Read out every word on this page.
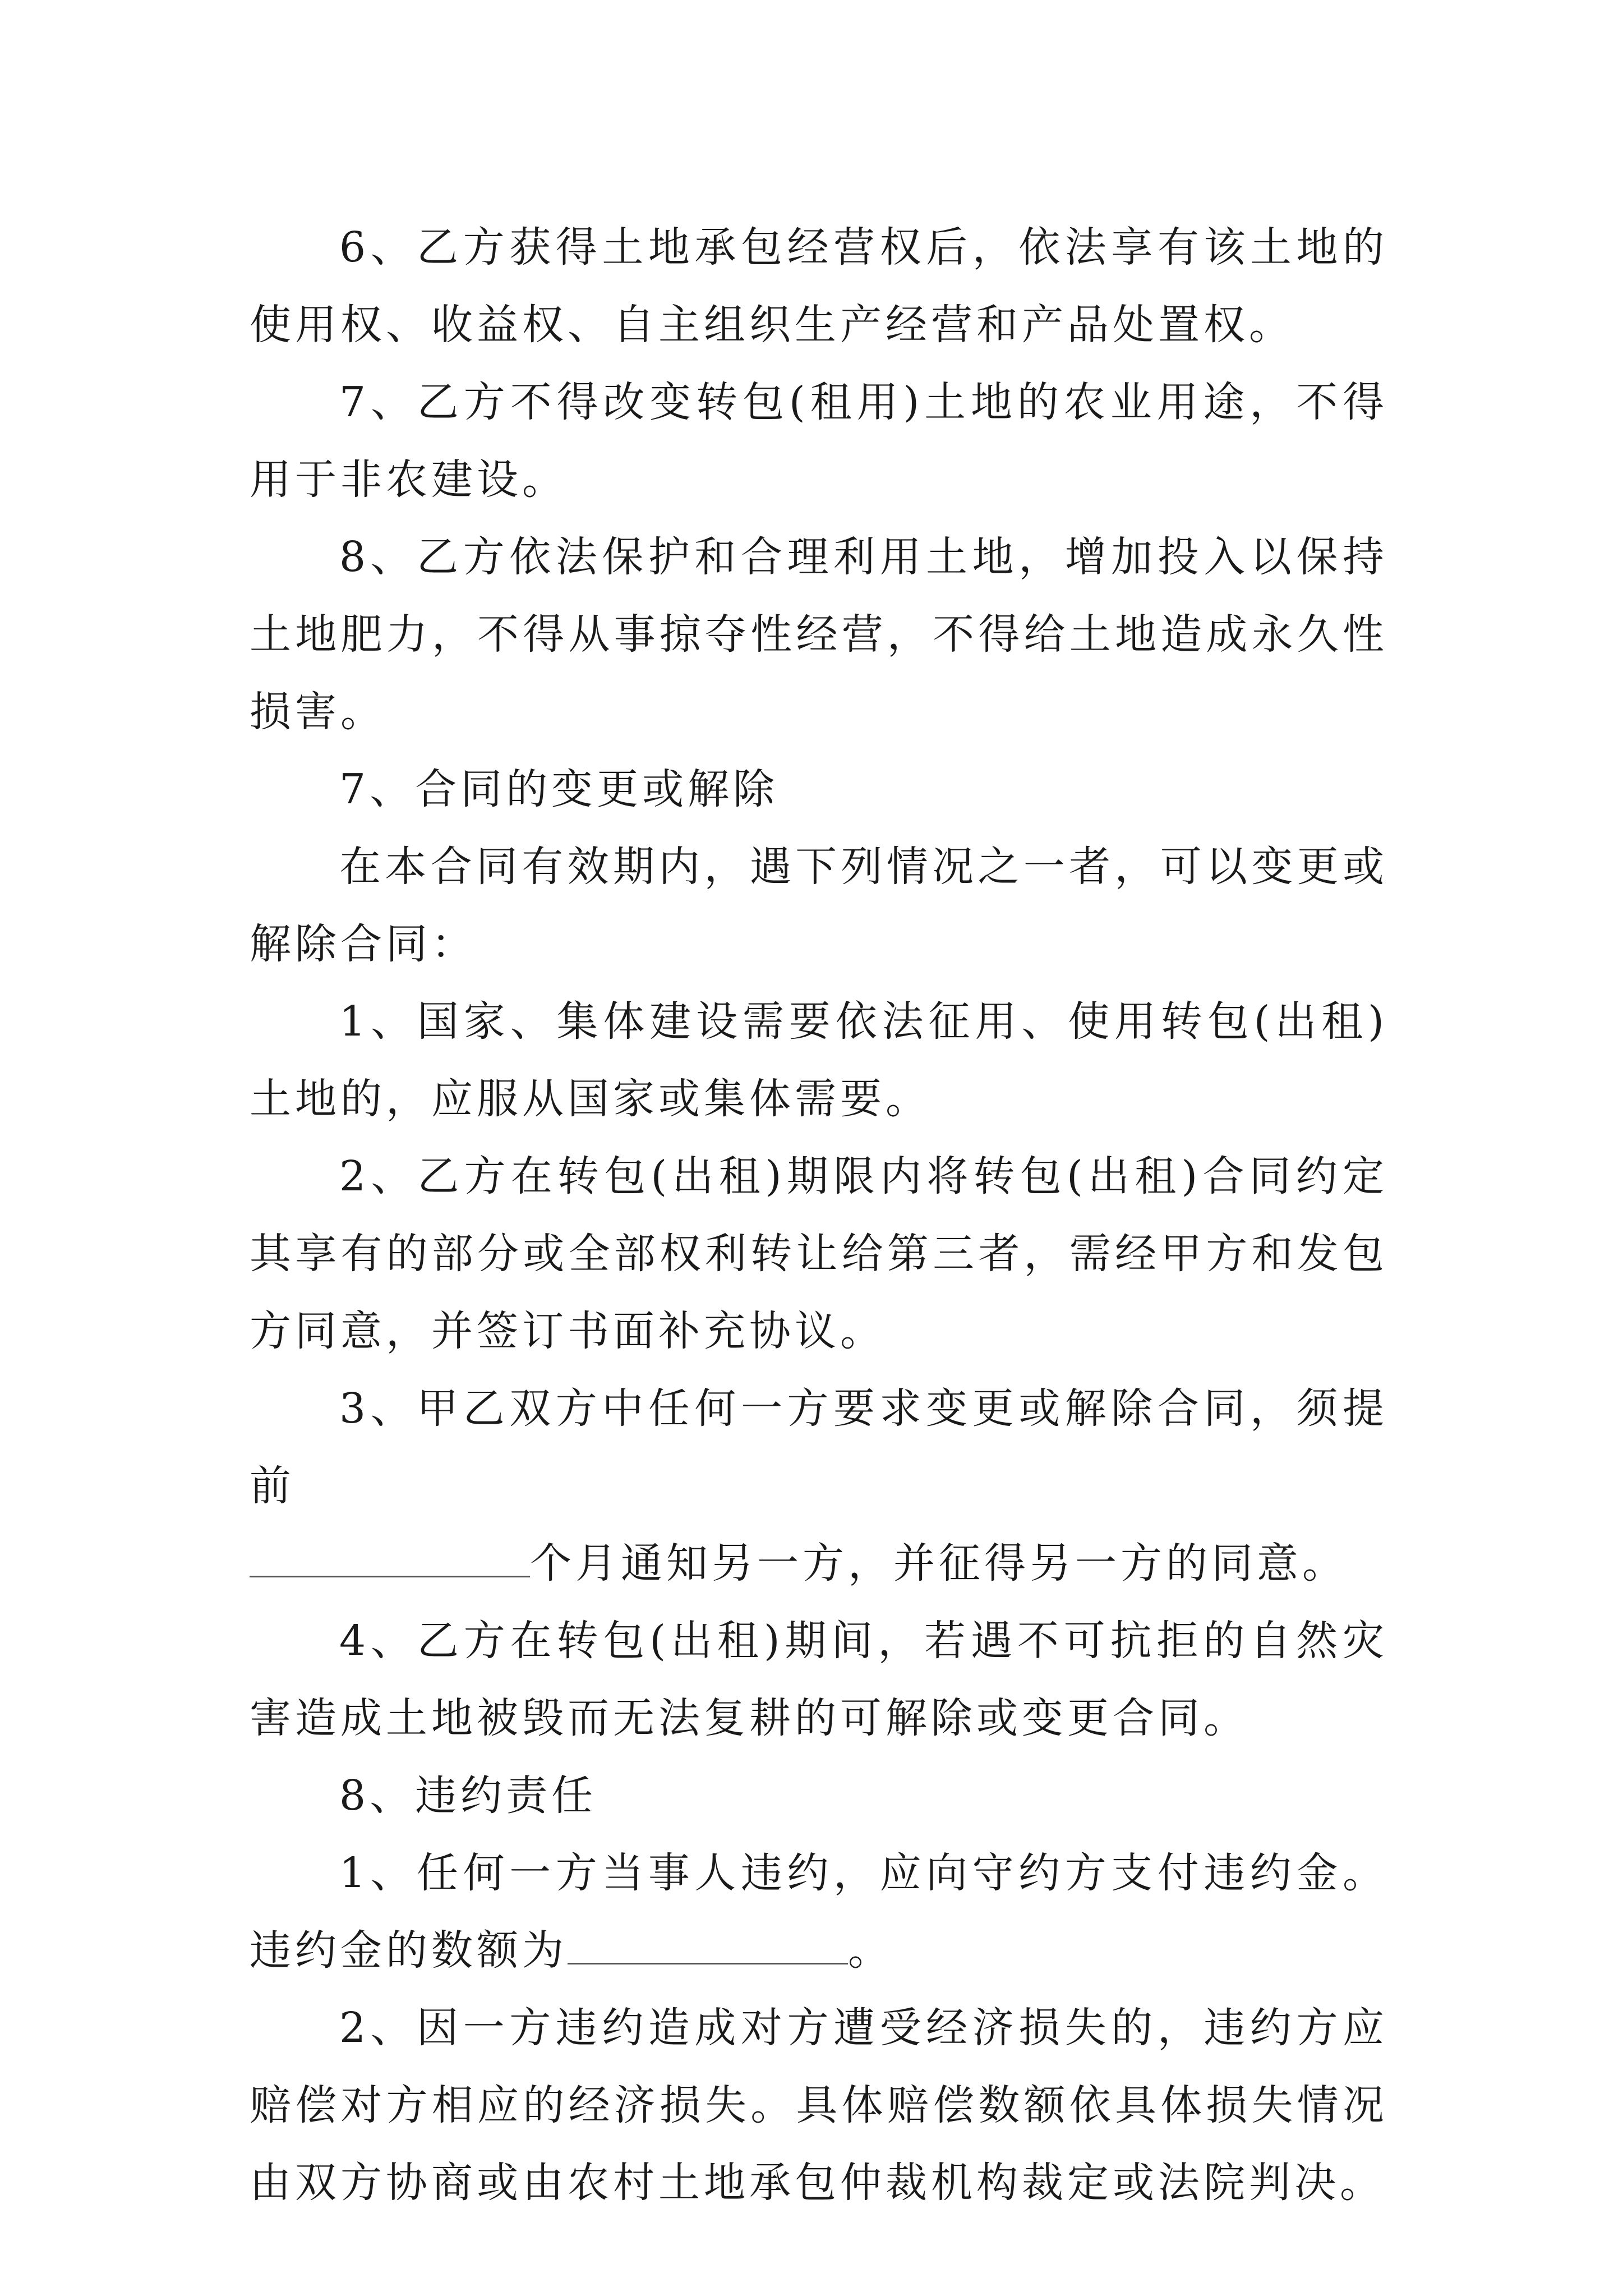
6、乙方获得土地承包经营权后，依法享有该土地的使用权、收益权、自主组织生产经营和产品处置权。

7、乙方不得改变转包(租用)土地的农业用途，不得用于非农建设。

8、乙方依法保护和合理利用土地，增加投入以保持土地肥力，不得从事掠夺性经营，不得给土地造成永久性损害。

7、合同的变更或解除

在本合同有效期内，遇下列情况之一者，可以变更或解除合同：

1、国家、集体建设需要依法征用、使用转包(出租)土地的，应服从国家或集体需要。

2、乙方在转包(出租)期限内将转包(出租)合同约定其享有的部分或全部权利转让给第三者，需经甲方和发包方同意，并签订书面补充协议。

3、甲乙双方中任何一方要求变更或解除合同，须提前
个月通知另一方，并征得另一方的同意。

4、乙方在转包(出租)期间，若遇不可抗拒的自然灾害造成土地被毁而无法复耕的可解除或变更合同。

8、违约责任

1、任何一方当事人违约，应向守约方支付违约金。违约金的数额为	。

2、因一方违约造成对方遭受经济损失的，违约方应赔偿对方相应的经济损失。具体赔偿数额依具体损失情况由双方协商或由农村土地承包仲裁机构裁定或法院判决。
